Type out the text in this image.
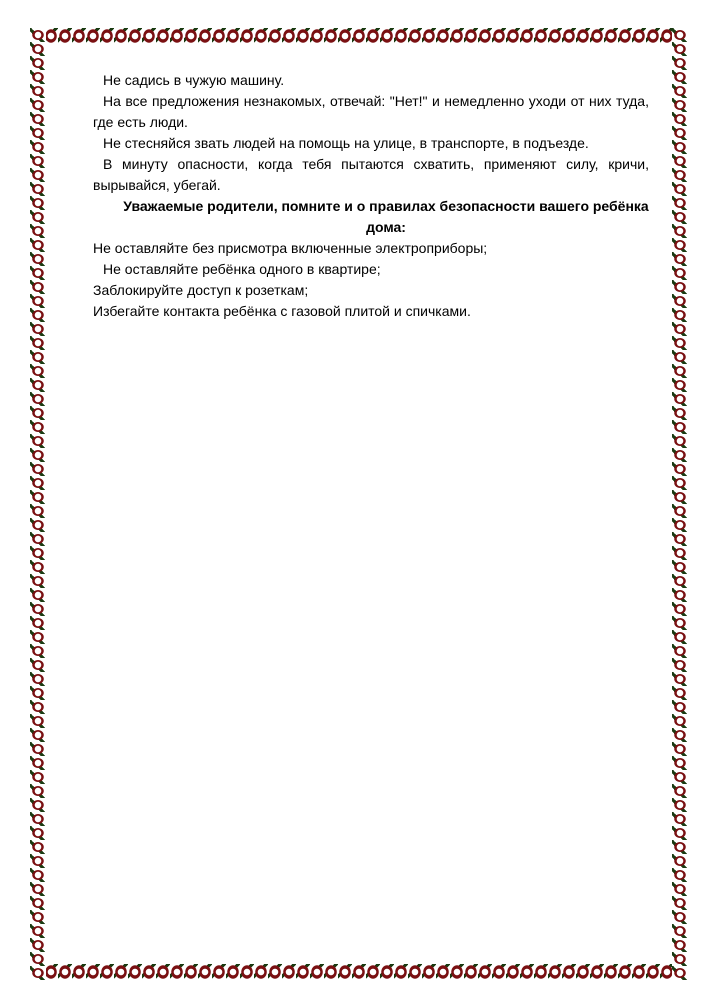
Не садись в чужую машину.

На все предложения незнакомых, отвечай: "Нет!" и немедленно уходи от них туда, где есть люди.

Не стесняйся звать людей на помощь на улице, в транспорте, в подъезде.

В минуту опасности, когда тебя пытаются схватить, применяют силу, кричи, вырывайся, убегай.

Уважаемые родители, помните и о правилах безопасности вашего ребёнка дома:

Не оставляйте без присмотра включенные электроприборы;

Не оставляйте ребёнка одного в квартире;

Заблокируйте доступ к розеткам;

Избегайте контакта ребёнка с газовой плитой и спичками.
